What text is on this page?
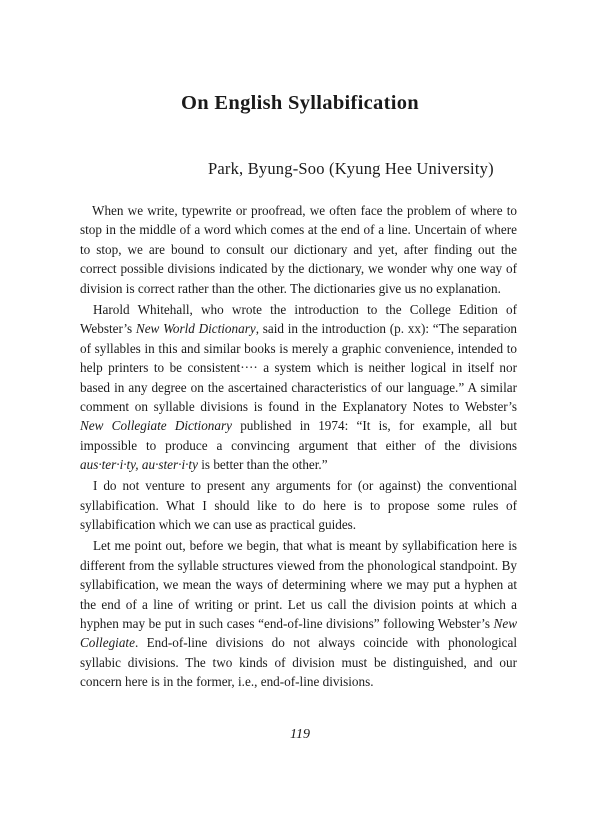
On English Syllabification
Park, Byung-Soo (Kyung Hee University)

When we write, typewrite or proofread, we often face the problem of where to stop in the middle of a word which comes at the end of a line. Uncertain of where to stop, we are bound to consult our dictionary and yet, after finding out the correct possible divisions indicated by the dictionary, we wonder why one way of division is correct rather than the other. The dictionaries give us no explanation.

Harold Whitehall, who wrote the introduction to the College Edition of Webster’s New World Dictionary, said in the introduction (p. xx): “The separation of syllables in this and similar books is merely a graphic convenience, intended to help printers to be consistent···· a system which is neither logical in itself nor based in any degree on the ascertained characteristics of our language.” A similar comment on syllable divisions is found in the Explanatory Notes to Webster’s New Collegiate Dictionary published in 1974: “It is, for example, all but impossible to produce a convincing argument that either of the divisions aus·ter·i·ty, au·ster·i·ty is better than the other.”

I do not venture to present any arguments for (or against) the conventional syllabification. What I should like to do here is to propose some rules of syllabification which we can use as practical guides.

Let me point out, before we begin, that what is meant by syllabification here is different from the syllable structures viewed from the phonological standpoint. By syllabification, we mean the ways of determining where we may put a hyphen at the end of a line of writing or print. Let us call the division points at which a hyphen may be put in such cases “end-of-line divisions” following Webster’s New Collegiate. End-of-line divisions do not always coincide with phonological syllabic divisions. The two kinds of division must be distinguished, and our concern here is in the former, i.e., end-of-line divisions.

119
